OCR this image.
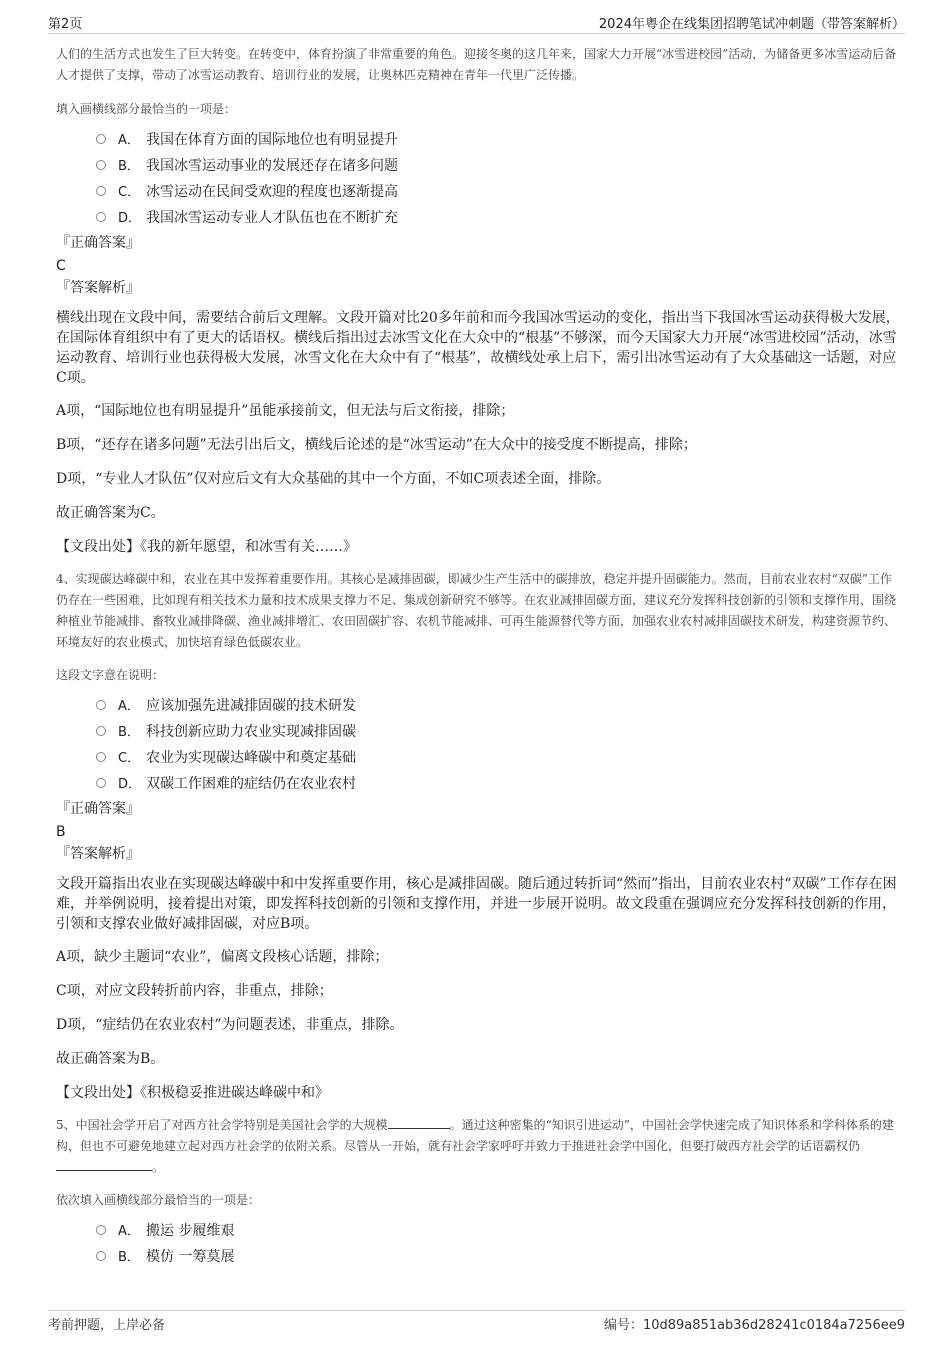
第2页	2024年粤企在线集团招聘笔试冲刺题（带答案解析）

人们的生活方式也发生了巨大转变。在转变中，体育扮演了非常重要的角色。迎接冬奥的这几年来，国家大力开展“冰雪进校园”活动，为储备更多冰雪运动后备人才提供了支撑，带动了冰雪运动教育、培训行业的发展，让奥林匹克精神在青年一代里广泛传播。

填入画横线部分最恰当的一项是：

A． 我国在体育方面的国际地位也有明显提升
B． 我国冰雪运动事业的发展还存在诸多问题
C． 冰雪运动在民间受欢迎的程度也逐渐提高
D． 我国冰雪运动专业人才队伍也在不断扩充

『正确答案』

C

『答案解析』

横线出现在文段中间，需要结合前后文理解。文段开篇对比20多年前和而今我国冰雪运动的变化，指出当下我国冰雪运动获得极大发展，在国际体育组织中有了更大的话语权。横线后指出过去冰雪文化在大众中的“根基”不够深，而今天国家大力开展“冰雪进校园”活动，冰雪运动教育、培训行业也获得极大发展，冰雪文化在大众中有了“根基”，故横线处承上启下，需引出冰雪运动有了大众基础这一话题，对应C项。

A项，“国际地位也有明显提升”虽能承接前文，但无法与后文衔接，排除；

B项，“还存在诸多问题”无法引出后文，横线后论述的是“冰雪运动”在大众中的接受度不断提高，排除；

D项，“专业人才队伍”仅对应后文有大众基础的其中一个方面，不如C项表述全面，排除。

故正确答案为C。

【文段出处】《我的新年愿望，和冰雪有关……》

4、实现碳达峰碳中和，农业在其中发挥着重要作用。其核心是减排固碳，即减少生产生活中的碳排放，稳定并提升固碳能力。然而，目前农业农村“双碳”工作仍存在一些困难，比如现有相关技术力量和技术成果支撑力不足、集成创新研究不够等。在农业减排固碳方面，建议充分发挥科技创新的引领和支撑作用，围绕种植业节能减排、畜牧业减排降碳、渔业减排增汇、农田固碳扩容、农机节能减排、可再生能源替代等方面，加强农业农村减排固碳技术研发，构建资源节约、环境友好的农业模式，加快培育绿色低碳农业。

这段文字意在说明：

A． 应该加强先进减排固碳的技术研发
B． 科技创新应助力农业实现减排固碳
C． 农业为实现碳达峰碳中和奠定基础
D． 双碳工作困难的症结仍在农业农村

『正确答案』

B

『答案解析』

文段开篇指出农业在实现碳达峰碳中和中发挥重要作用，核心是减排固碳。随后通过转折词“然而”指出，目前农业农村“双碳”工作存在困难，并举例说明，接着提出对策，即发挥科技创新的引领和支撑作用，并进一步展开说明。故文段重在强调应充分发挥科技创新的作用，引领和支撑农业做好减排固碳，对应B项。

A项，缺少主题词“农业”，偏离文段核心话题，排除；

C项，对应文段转折前内容，非重点，排除；

D项，“症结仍在农业农村”为问题表述，非重点，排除。

故正确答案为B。

【文段出处】《积极稳妥推进碳达峰碳中和》

5、中国社会学开启了对西方社会学特别是美国社会学的大规模	。通过这种密集的“知识引进运动”，中国社会学快速完成了知识体系和学科体系的建构，但也不可避免地建立起对西方社会学的依附关系。尽管从一开始，就有社会学家呼吁并致力于推进社会学中国化，但要打破西方社会学的话语霸权仍。

依次填入画横线部分最恰当的一项是：

A． 搬运 步履维艰
B． 模仿 一筹莫展
考前押题，上岸必备	编号：10d89a851ab36d28241c0184a7256ee9
